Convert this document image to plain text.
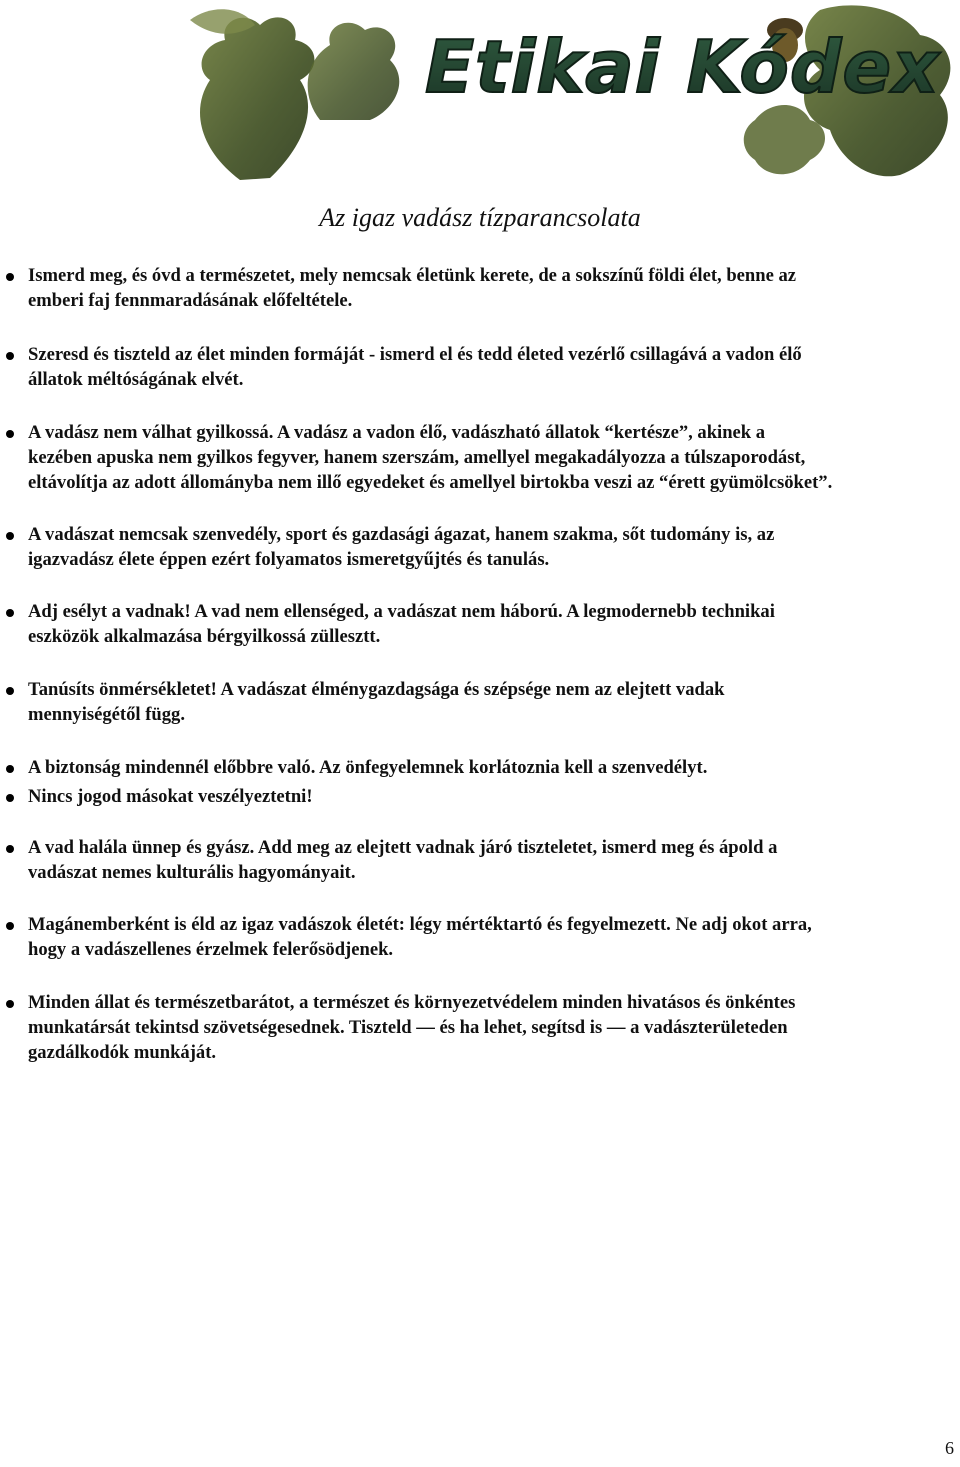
Etikai Kódex
Az igaz vadász tízparancsolata
Ismerd meg, és óvd a természetet, mely nemcsak életünk kerete, de a sokszínű földi élet, benne az
emberi faj fennmaradásának előfeltétele.
Szeresd és tiszteld az élet minden formáját - ismerd el és tedd életed vezérlő csillagává a vadon élő
állatok méltóságának elvét.
A vadász nem válhat gyilkossá. A vadász a vadon élő, vadászható állatok “kertésze”, akinek a
kezében apuska nem gyilkos fegyver, hanem szerszám, amellyel megakadályozza a túlszaporodást,
eltávolítja az adott állományba nem illő egyedeket és amellyel birtokba veszi az “érett gyümölcsöket”.
A vadászat nemcsak szenvedély, sport és gazdasági ágazat, hanem szakma, sőt tudomány is, az
igazvadász élete éppen ezért folyamatos ismeretgyűjtés és tanulás.
Adj esélyt a vadnak! A vad nem ellenséged, a vadászat nem háború. A legmodernebb technikai
eszközök alkalmazása bérgyilkossá züllesztt.
Tanúsíts önmérsékletet! A vadászat élménygazdagsága és szépsége nem az elejtett vadak
mennyiségétől függ.
A biztonság mindennél előbbre való. Az önfegyelemnek korlátoznia kell a szenvedélyt.
Nincs jogod másokat veszélyeztetni!
A vad halála ünnep és gyász. Add meg az elejtett vadnak járó tiszteletet, ismerd meg és ápold a
vadászat nemes kulturális hagyományait.
Magánemberként is éld az igaz vadászok életét: légy mértéktartó és fegyelmezett. Ne adj okot arra,
hogy a vadászellenes érzelmek felerősödjenek.
Minden állat és természetbarátot, a természet és környezetvédelem minden hivatásos és önkéntes
munkatársát tekintsd szövetségesednek. Tiszteld — és ha lehet, segítsd is — a vadászterületeden
gazdálkodók munkáját.
6
